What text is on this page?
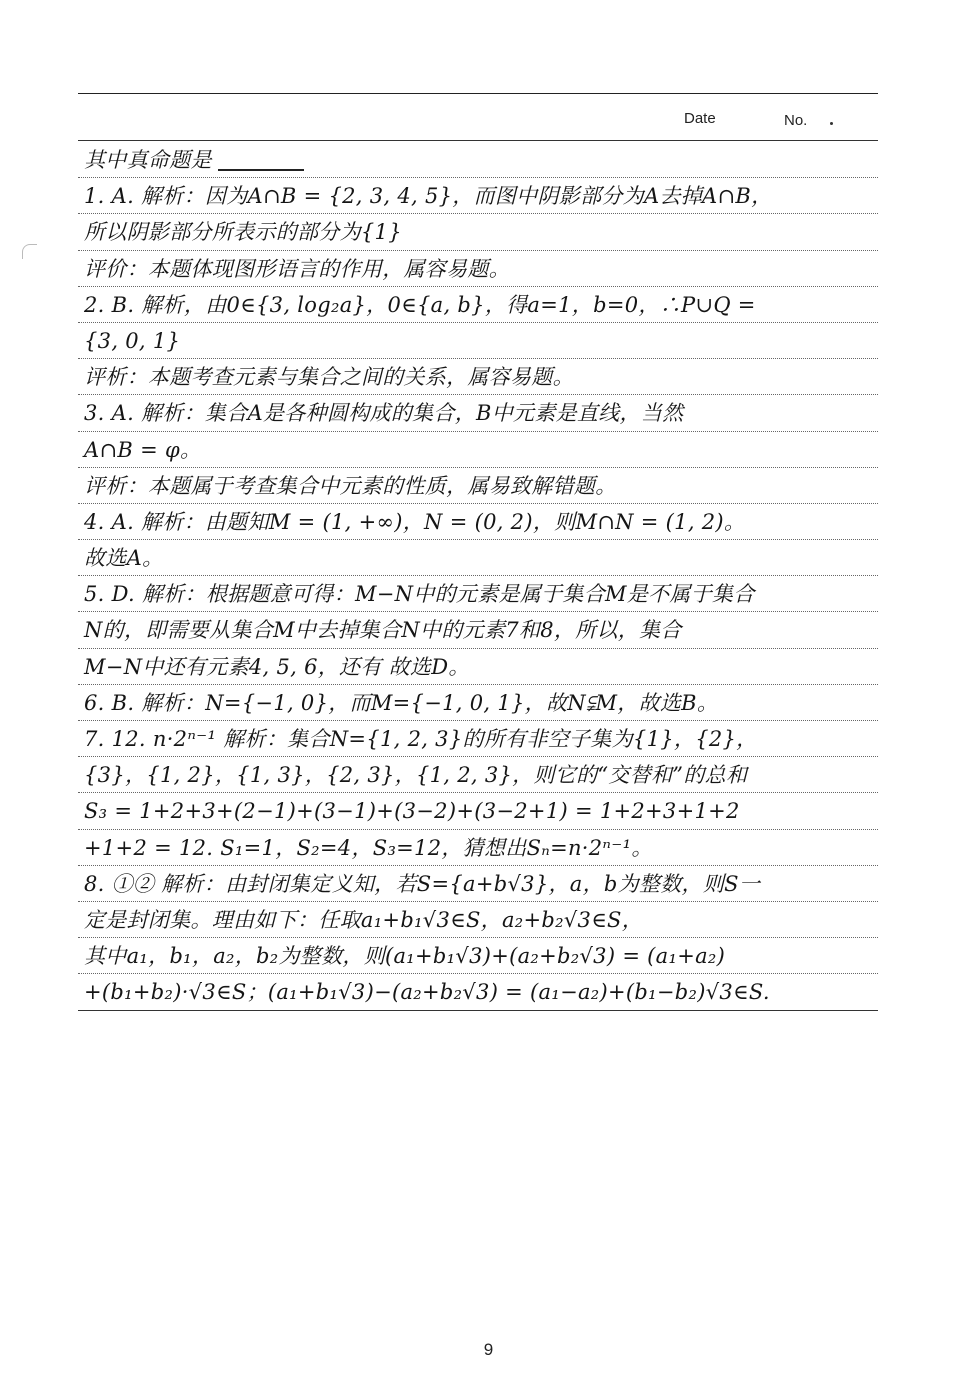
Date	No.
其中真命题是
1. A. 解析：因为A∩B = {2, 3, 4, 5}，而图中阴影部分为A去掉A∩B，
所以阴影部分所表示的部分为{1}
评价：本题体现图形语言的作用，属容易题。
2. B. 解析，由0∈{3, log₂a}，0∈{a, b}，得a=1，b=0，∴P∪Q =
{3, 0, 1}
评析：本题考查元素与集合之间的关系，属容易题。
3. A. 解析：集合A是各种圆构成的集合，B中元素是直线，当然
A∩B = φ。
评析：本题属于考查集合中元素的性质，属易致解错题。
4. A. 解析：由题知M = (1, +∞)，N = (0, 2)，则M∩N = (1, 2)。
故选A。
5. D. 解析：根据题意可得：M−N中的元素是属于集合M是不属于集合
N的，即需要从集合M中去掉集合N中的元素7和8，所以，集合
M−N中还有元素4, 5, 6，还有 故选D。
6. B. 解析：N={−1, 0}，而M={−1, 0, 1}，故N⫋M，故选B。
7. 12. n·2ⁿ⁻¹ 解析：集合N={1, 2, 3}的所有非空子集为{1}，{2}，
{3}，{1, 2}，{1, 3}，{2, 3}，{1, 2, 3}，则它的“交替和”的总和
S₃ = 1+2+3+(2−1)+(3−1)+(3−2)+(3−2+1) = 1+2+3+1+2
+1+2 = 12. S₁=1，S₂=4，S₃=12，猜想出Sₙ=n·2ⁿ⁻¹。
8. ①② 解析：由封闭集定义知，若S={a+b√3}，a，b为整数，则S一
定是封闭集。理由如下：任取a₁+b₁√3∈S，a₂+b₂√3∈S，
其中a₁，b₁，a₂，b₂为整数，则(a₁+b₁√3)+(a₂+b₂√3) = (a₁+a₂)
+(b₁+b₂)·√3∈S；(a₁+b₁√3)−(a₂+b₂√3) = (a₁−a₂)+(b₁−b₂)√3∈S.
9
